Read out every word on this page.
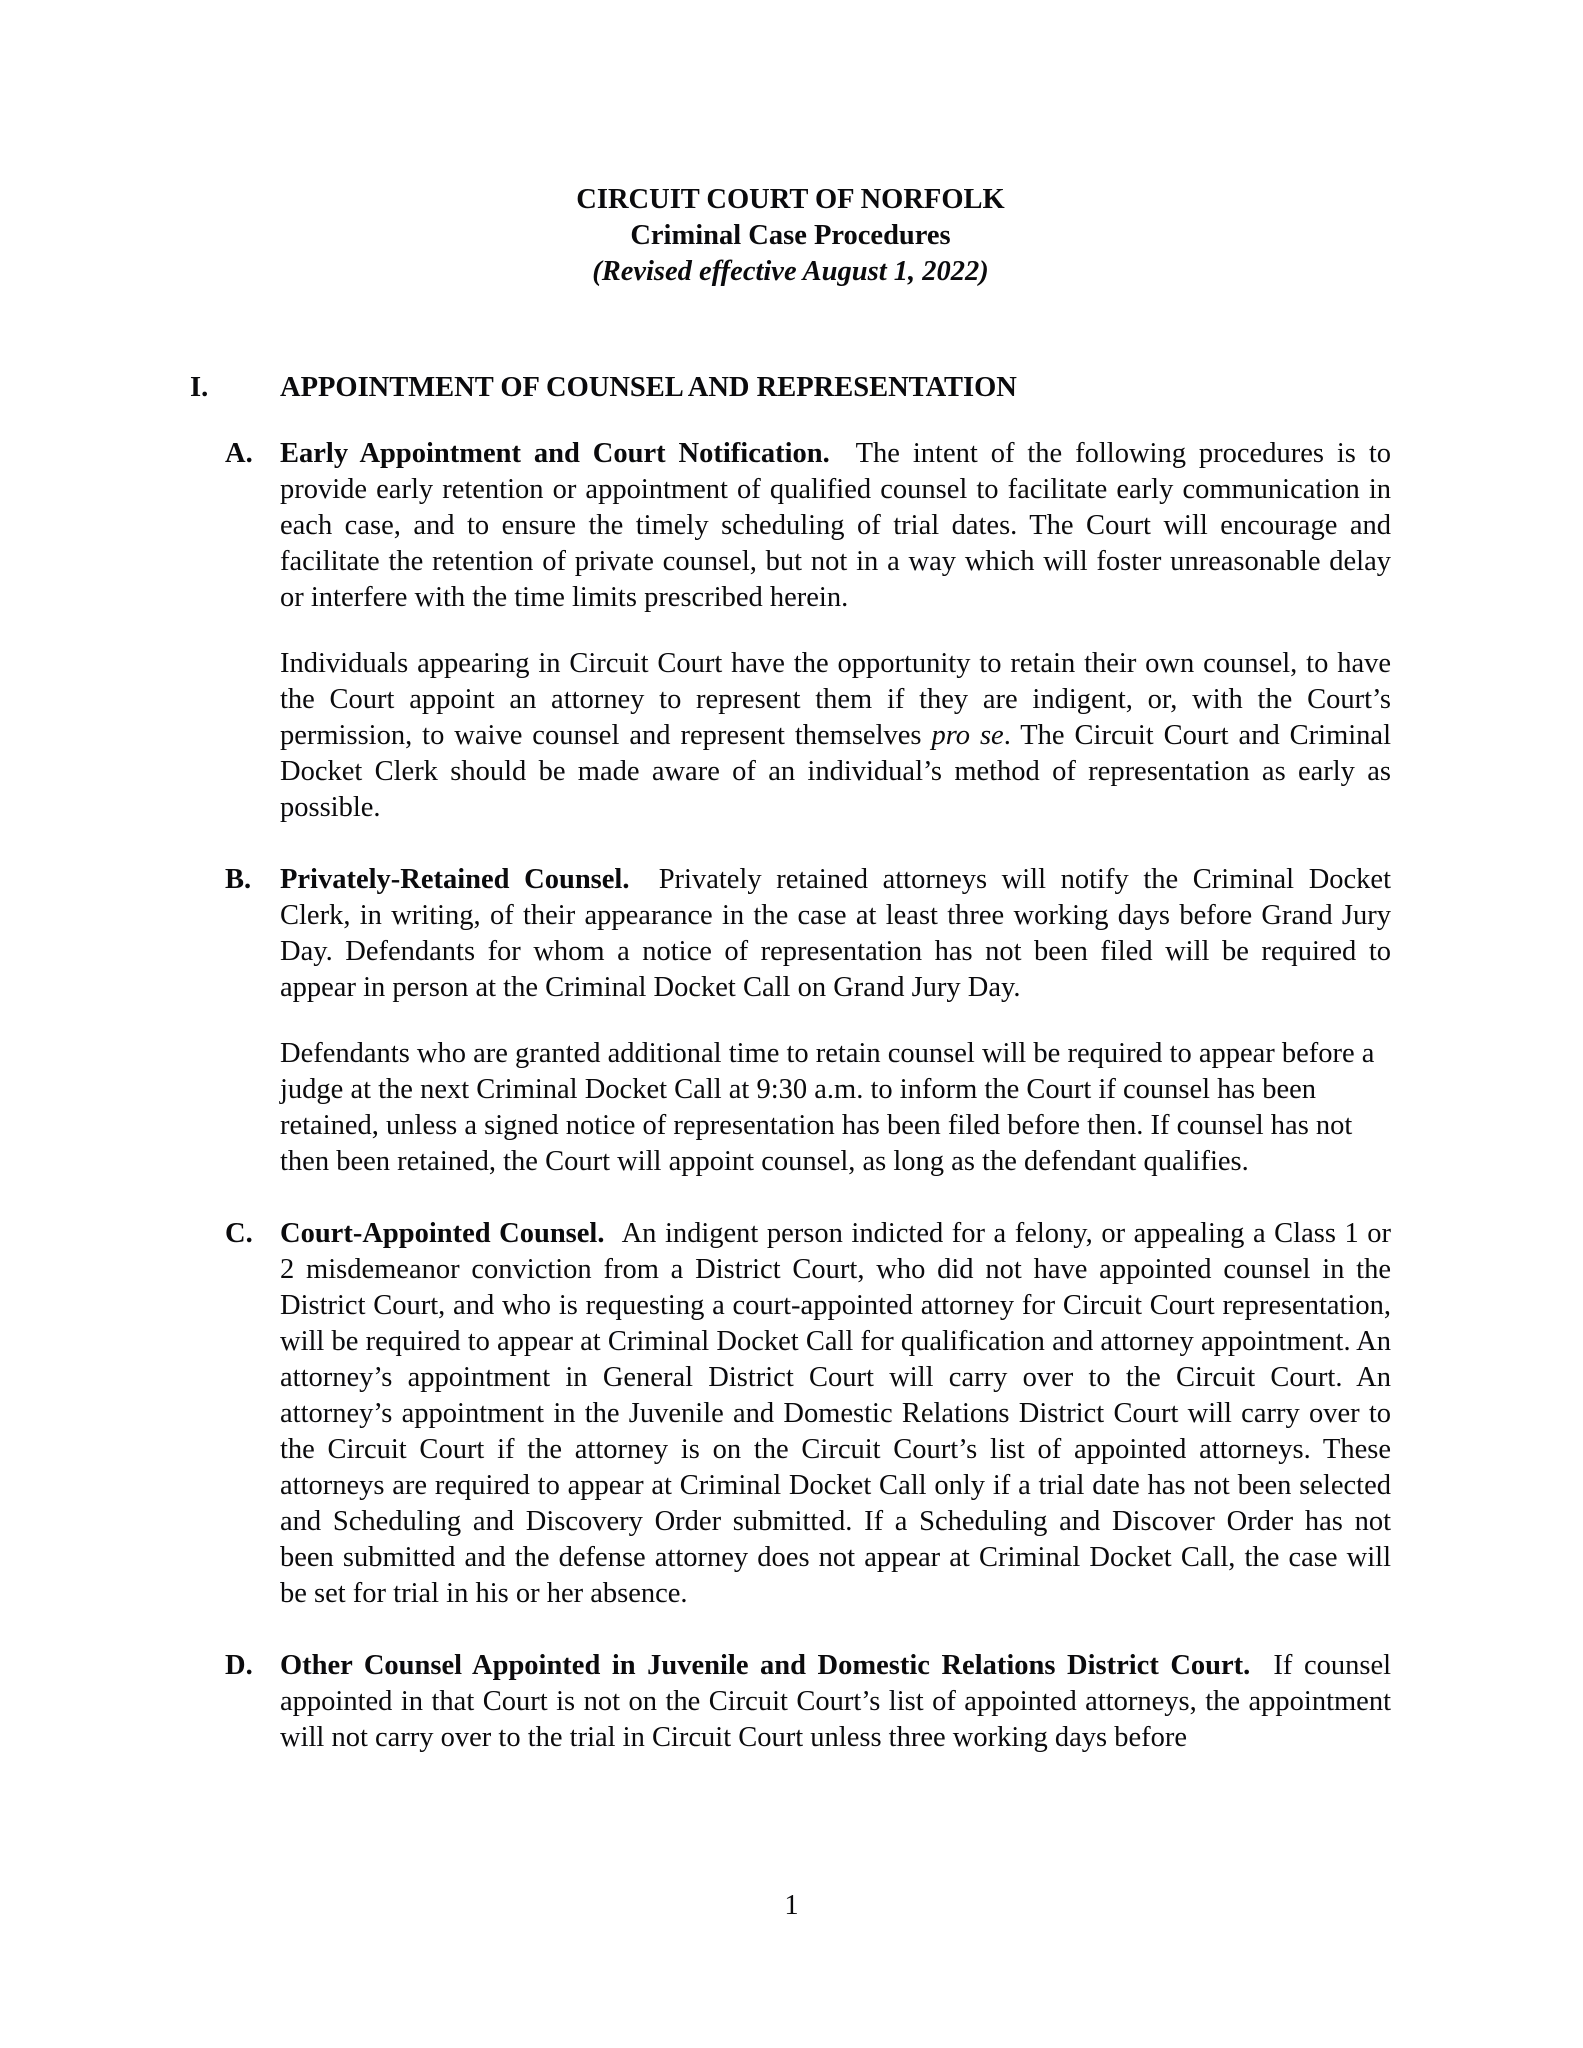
CIRCUIT COURT OF NORFOLK
Criminal Case Procedures
(Revised effective August 1, 2022)
I.	APPOINTMENT OF COUNSEL AND REPRESENTATION
A. Early Appointment and Court Notification. The intent of the following procedures is to provide early retention or appointment of qualified counsel to facilitate early communication in each case, and to ensure the timely scheduling of trial dates. The Court will encourage and facilitate the retention of private counsel, but not in a way which will foster unreasonable delay or interfere with the time limits prescribed herein.

Individuals appearing in Circuit Court have the opportunity to retain their own counsel, to have the Court appoint an attorney to represent them if they are indigent, or, with the Court’s permission, to waive counsel and represent themselves pro se. The Circuit Court and Criminal Docket Clerk should be made aware of an individual’s method of representation as early as possible.

B.	Privately-Retained Counsel. Privately retained attorneys will notify the Criminal Docket Clerk, in writing, of their appearance in the case at least three working days before Grand Jury Day. Defendants for whom a notice of representation has not been filed will be required to appear in person at the Criminal Docket Call on Grand Jury Day.

Defendants who are granted additional time to retain counsel will be required to appear before a judge at the next Criminal Docket Call at 9:30 a.m. to inform the Court if counsel has been retained, unless a signed notice of representation has been filed before then. If counsel has not then been retained, the Court will appoint counsel, as long as the defendant qualifies.

C. Court-Appointed Counsel. An indigent person indicted for a felony, or appealing a Class 1 or 2 misdemeanor conviction from a District Court, who did not have appointed counsel in the District Court, and who is requesting a court-appointed attorney for Circuit Court representation, will be required to appear at Criminal Docket Call for qualification and attorney appointment. An attorney’s appointment in General District Court will carry over to the Circuit Court. An attorney’s appointment in the Juvenile and Domestic Relations District Court will carry over to the Circuit Court if the attorney is on the Circuit Court’s list of appointed attorneys. These attorneys are required to appear at Criminal Docket Call only if a trial date has not been selected and Scheduling and Discovery Order submitted. If a Scheduling and Discover Order has not been submitted and the defense attorney does not appear at Criminal Docket Call, the case will be set for trial in his or her absence.

D. Other Counsel Appointed in Juvenile and Domestic Relations District Court. If counsel appointed in that Court is not on the Circuit Court’s list of appointed attorneys, the appointment will not carry over to the trial in Circuit Court unless three working days before

1
